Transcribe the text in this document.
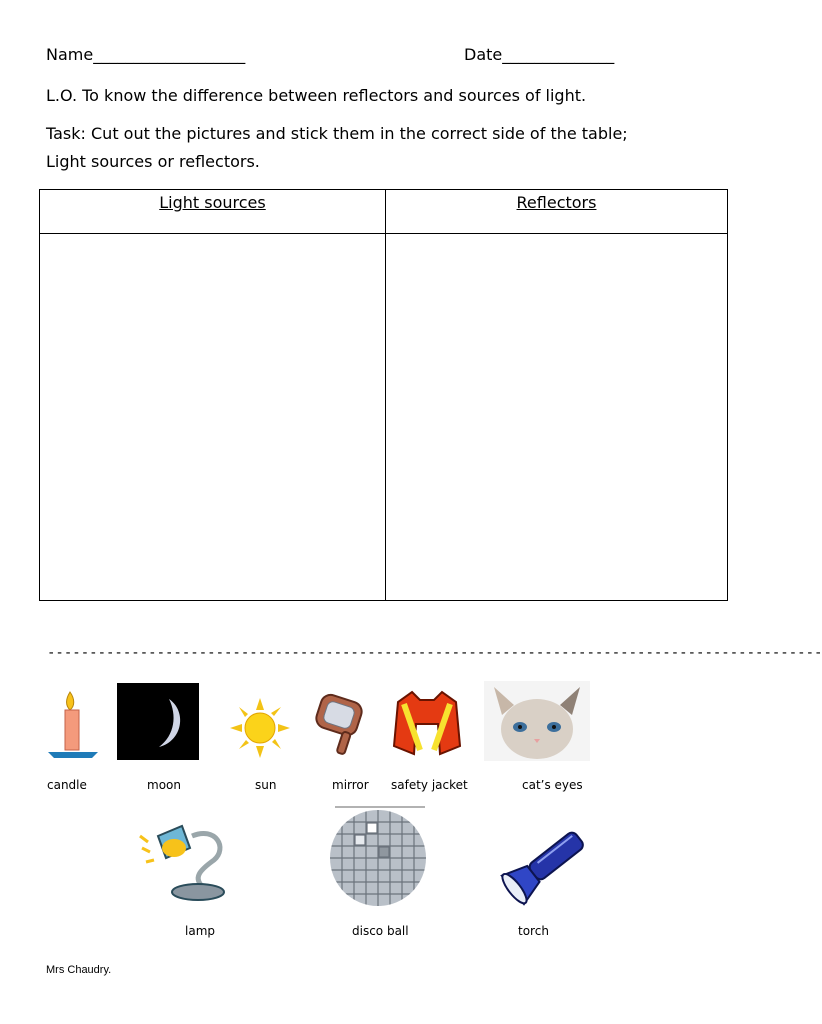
Name___________________	Date______________
L.O. To know the difference between reflectors and sources of light.
Task: Cut out the pictures and stick them in the correct side of the table;
Light sources or reflectors.
Light sources	Reflectors
--------------------------------------------------------------------------------------------
candle	moon	sun	mirror safety jacket	cat’s eyes
lamp	disco ball	torch
Mrs Chaudry.
